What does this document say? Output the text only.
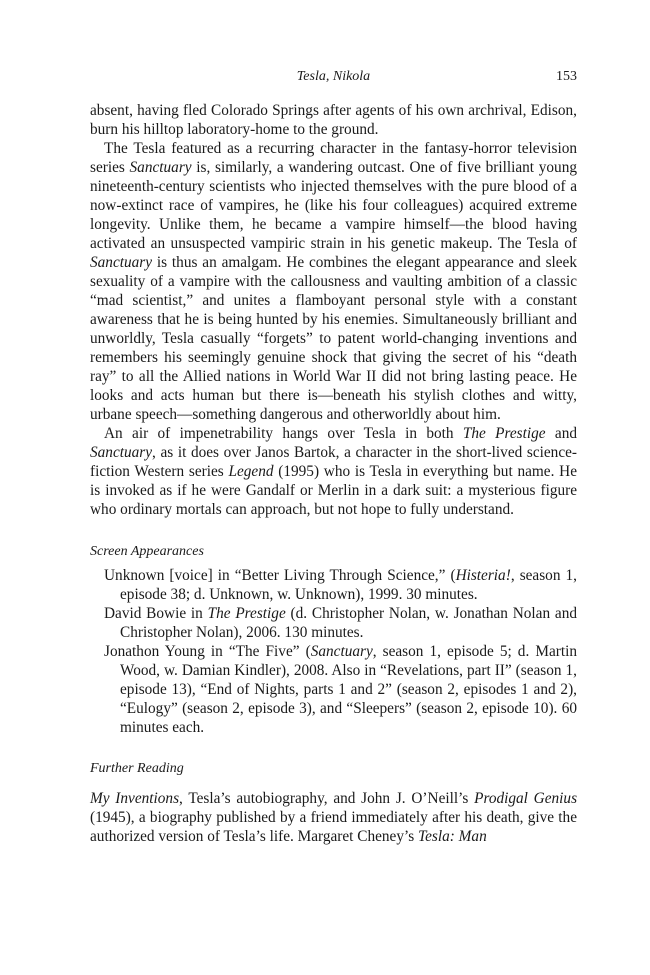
Tesla, Nikola	153

absent, having fled Colorado Springs after agents of his own archrival, Edison, burn his hilltop laboratory-home to the ground.

The Tesla featured as a recurring character in the fantasy-horror television series Sanctuary is, similarly, a wandering outcast. One of five brilliant young nineteenth-century scientists who injected themselves with the pure blood of a now-extinct race of vampires, he (like his four colleagues) acquired extreme longevity. Unlike them, he became a vampire himself—the blood having activated an unsuspected vampiric strain in his genetic makeup. The Tesla of Sanctuary is thus an amalgam. He combines the elegant appearance and sleek sexuality of a vampire with the callousness and vaulting ambition of a classic “mad scientist,” and unites a flamboyant personal style with a constant awareness that he is being hunted by his enemies. Simultaneously brilliant and unworldly, Tesla casually “forgets” to patent world-changing inventions and remembers his seemingly genuine shock that giving the secret of his “death ray” to all the Allied nations in World War II did not bring lasting peace. He looks and acts human but there is—beneath his stylish clothes and witty, urbane speech—something dangerous and otherworldly about him.

An air of impenetrability hangs over Tesla in both The Prestige and Sanctuary, as it does over Janos Bartok, a character in the short-lived science-fiction Western series Legend (1995) who is Tesla in everything but name. He is invoked as if he were Gandalf or Merlin in a dark suit: a mysterious figure who ordinary mortals can approach, but not hope to fully understand.

Screen Appearances

Unknown [voice] in “Better Living Through Science,” (Histeria!, season 1, episode 38; d. Unknown, w. Unknown), 1999. 30 minutes.

David Bowie in The Prestige (d. Christopher Nolan, w. Jonathan Nolan and Christopher Nolan), 2006. 130 minutes.

Jonathon Young in “The Five” (Sanctuary, season 1, episode 5; d. Martin Wood, w. Damian Kindler), 2008. Also in “Revelations, part II” (season 1, episode 13), “End of Nights, parts 1 and 2” (season 2, episodes 1 and 2), “Eulogy” (season 2, episode 3), and “Sleepers” (season 2, episode 10). 60 minutes each.

Further Reading

My Inventions, Tesla’s autobiography, and John J. O’Neill’s Prodigal Genius (1945), a biography published by a friend immediately after his death, give the authorized version of Tesla’s life. Margaret Cheney’s Tesla: Man
